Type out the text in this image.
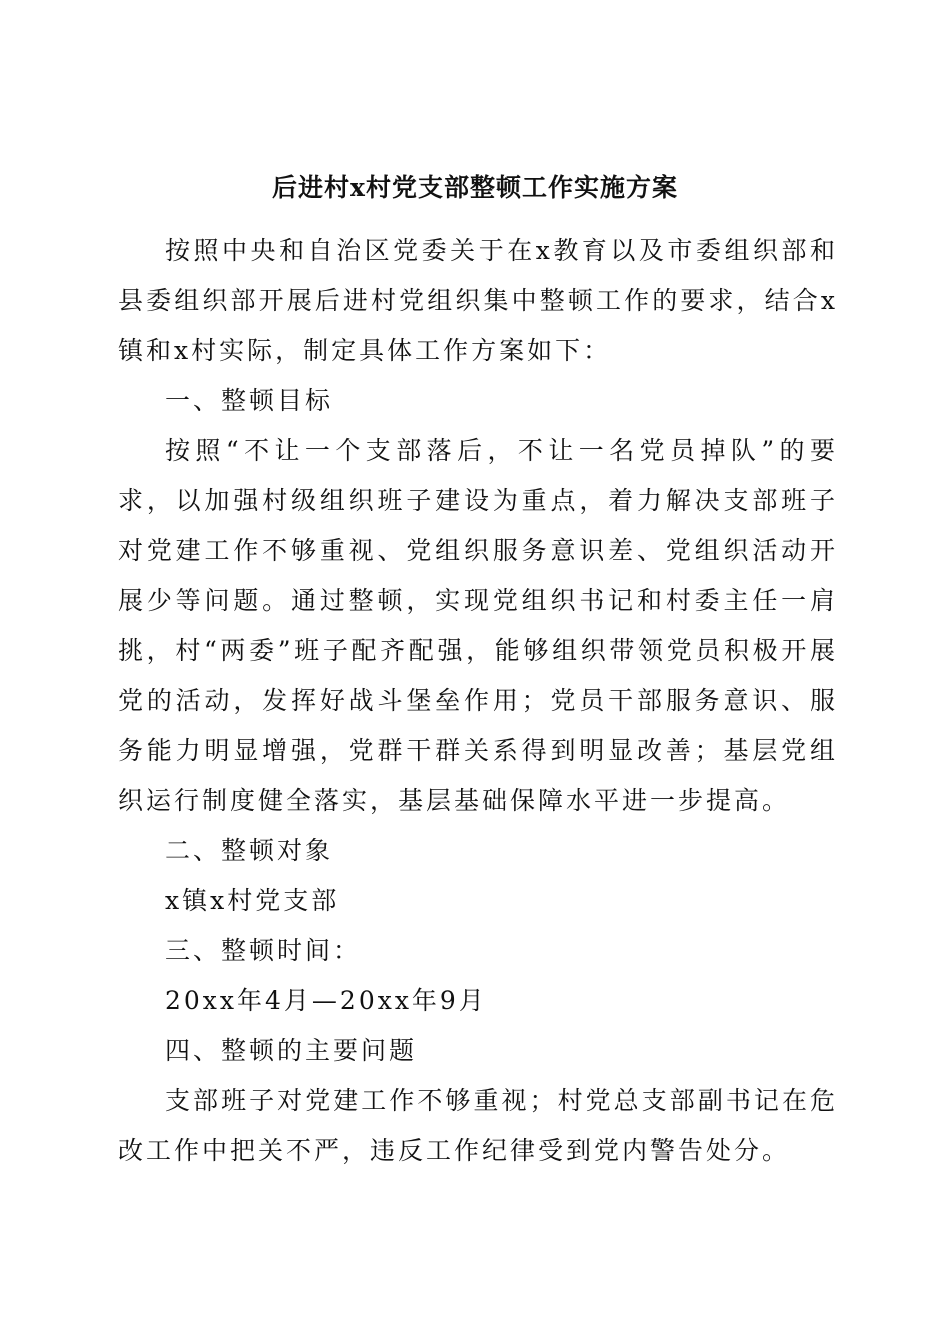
后进村x村党支部整顿工作实施方案

按照中央和自治区党委关于在x教育以及市委组织部和县委组织部开展后进村党组织集中整顿工作的要求，结合x镇和x村实际，制定具体工作方案如下：

一、整顿目标

按照“不让一个支部落后，不让一名党员掉队”的要求，以加强村级组织班子建设为重点，着力解决支部班子对党建工作不够重视、党组织服务意识差、党组织活动开展少等问题。通过整顿，实现党组织书记和村委主任一肩挑，村“两委”班子配齐配强，能够组织带领党员积极开展党的活动，发挥好战斗堡垒作用；党员干部服务意识、服务能力明显增强，党群干群关系得到明显改善；基层党组织运行制度健全落实，基层基础保障水平进一步提高。

二、整顿对象

x镇x村党支部

三、整顿时间：

20xx年4月—20xx年9月

四、整顿的主要问题

支部班子对党建工作不够重视；村党总支部副书记在危改工作中把关不严，违反工作纪律受到党内警告处分。
